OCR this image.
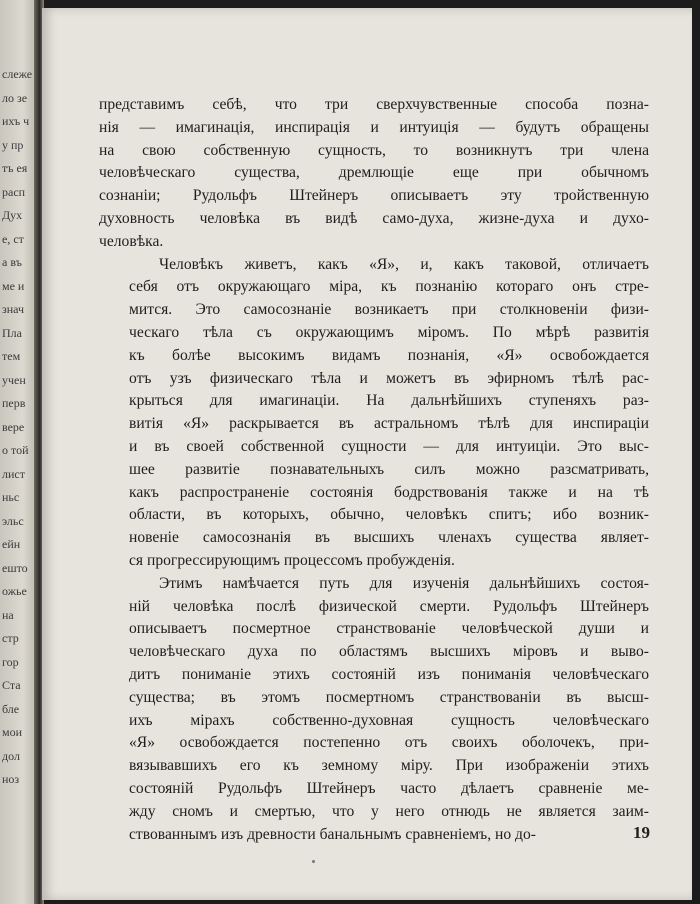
слеже
ло зе
ихъ ч
у пр
тъ ея
расп
Дух
е, ст
а въ
ме и
знач
Пла
тем
учен
перв
вере
о той
лист
ньс
эльс
ейн
ешто
ожье
на
стр
гор
Ста
бле
мои
дол
ноз

представимъ себѣ, что три сверхчувственные способа позна-
нія — имагинація, инспирація и интуиція — будутъ обращены
на свою собственную сущность, то возникнутъ три члена
человѣческаго существа, дремлющіе еще при обычномъ
сознаніи; Рудольфъ Штейнеръ описываетъ эту тройственную
духовность человѣка въ видѣ само-духа, жизне-духа и духо-
человѣка.

Человѣкъ живетъ, какъ «Я», и, какъ таковой, отличаетъ
себя отъ окружающаго міра, къ познанію котораго онъ стре-
мится. Это самосознаніе возникаетъ при столкновеніи физи-
ческаго тѣла съ окружающимъ міромъ. По мѣрѣ развитія
къ болѣе высокимъ видамъ познанія, «Я» освобождается
отъ узъ физическаго тѣла и можетъ въ эфирномъ тѣлѣ рас-
крыться для имагинаціи. На дальнѣйшихъ ступеняхъ раз-
витія «Я» раскрывается въ астральномъ тѣлѣ для инспираціи
и въ своей собственной сущности — для интуиціи. Это выс-
шее развитіе познавательныхъ силъ можно разсматривать,
какъ распространеніе состоянія бодрствованія также и на тѣ
области, въ которыхъ, обычно, человѣкъ спитъ; ибо возник-
новеніе самосознанія въ высшихъ членахъ существа являет-
ся прогрессирующимъ процессомъ пробужденія.

Этимъ намѣчается путь для изученія дальнѣйшихъ состоя-
ній человѣка послѣ физической смерти. Рудольфъ Штейнеръ
описываетъ посмертное странствованіе человѣческой души и
человѣческаго духа по областямъ высшихъ міровъ и выво-
дитъ пониманіе этихъ состояній изъ пониманія человѣческаго
существа; въ этомъ посмертномъ странствованіи въ высш-
ихъ мірахъ собственно-духовная сущность человѣческаго
«Я» освобождается постепенно отъ своихъ оболочекъ, при-
вязывавшихъ его къ земному міру. При изображеніи этихъ
состояній Рудольфъ Штейнеръ часто дѣлаетъ сравненіе ме-
жду сномъ и смертью, что у него отнюдь не является заим-
ствованнымъ изъ древности банальнымъ сравненіемъ, но до-	19
